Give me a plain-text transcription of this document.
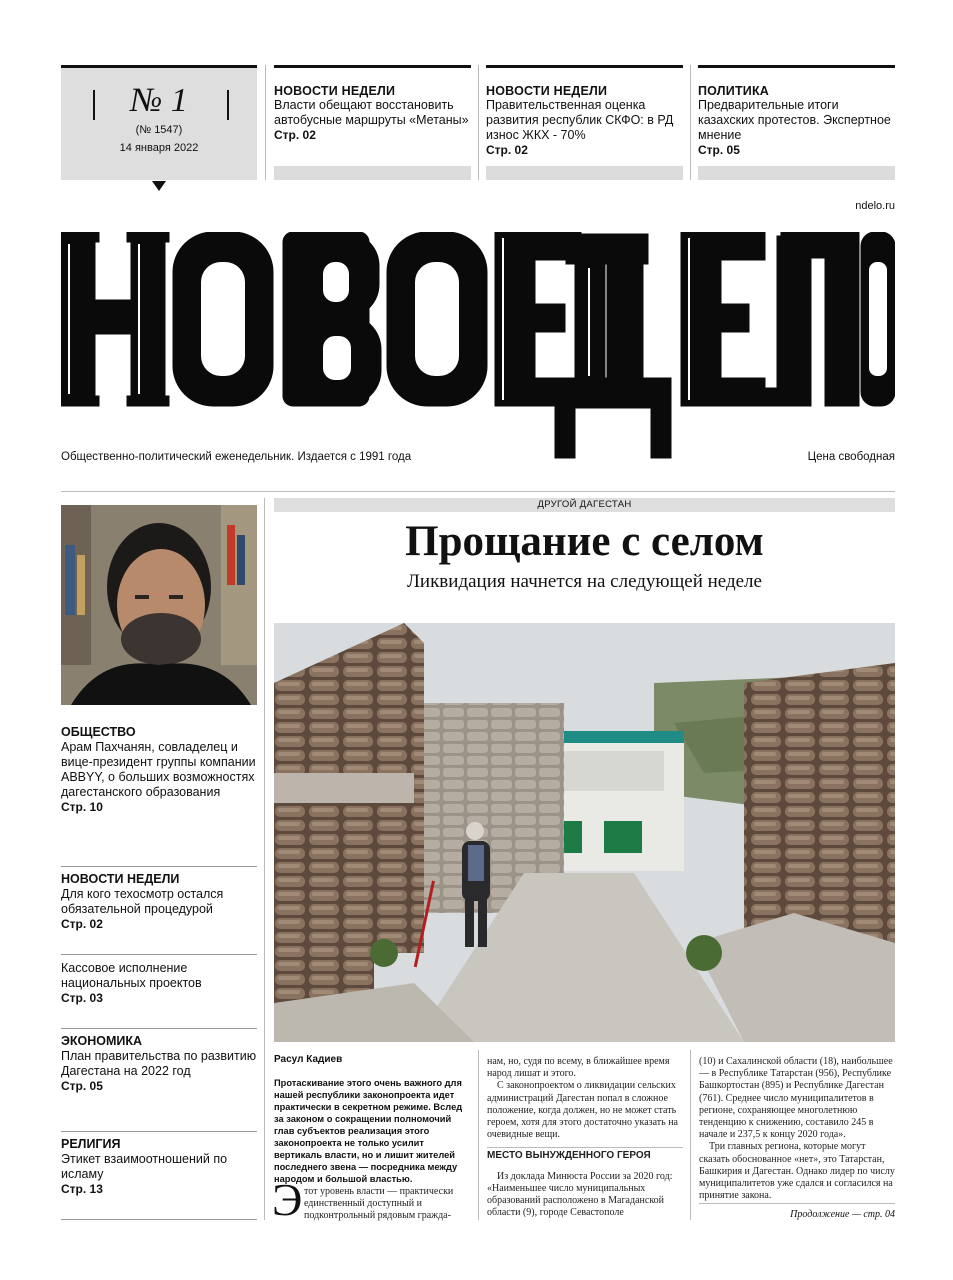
№ 1
(№ 1547)
14 января 2022
НОВОСТИ НЕДЕЛИ
Власти обещают восстановить автобусные маршруты «Метаны»
Стр. 02
НОВОСТИ НЕДЕЛИ
Правительственная оценка развития республик СКФО: в РД износ ЖКХ - 70%
Стр. 02
ПОЛИТИКА
Предварительные итоги казахских протестов. Экспертное мнение
Стр. 05
ndelo.ru
Общественно-политический еженедельник. Издается с 1991 года	Цена свободная
ОБЩЕСТВО
Арам Пахчанян, совладелец и вице-президент группы компании ABBYY, о больших возможностях дагестанского образования
Стр. 10
НОВОСТИ НЕДЕЛИ
Для кого техосмотр остался обязательной процедурой
Стр. 02
Кассовое исполнение национальных проектов
Стр. 03
ЭКОНОМИКА
План правительства по развитию Дагестана на 2022 год
Стр. 05
РЕЛИГИЯ
Этикет взаимоотношений по исламу
Стр. 13
ДРУГОЙ ДАГЕСТАН
Прощание с селом
Ликвидация начнется на следующей неделе
Расул Кадиев
Протаскивание этого очень важного для нашей республики законопроекта идет практически в секретном режиме. Вслед за законом о сокращении полномочий глав субъектов реализация этого законопроекта не только усилит вертикаль власти, но и лишит жителей последнего звена — посредника между народом и большой властью.
Э тот уровень власти — практически единственный доступный и подконтрольный рядовым гражда-

нам, но, судя по всему, в ближайшее время народ лишат и этого.

С законопроектом о ликвидации сельских администраций Дагестан попал в сложное положение, когда должен, но не может стать героем, хотя для этого достаточно указать на очевидные вещи.

МЕСТО ВЫНУЖДЕННОГО ГЕРОЯ

Из доклада Минюста России за 2020 год: «Наименьшее число муниципальных образований расположено в Магаданской области (9), городе Севастополе

(10) и Сахалинской области (18), наибольшее — в Республике Татарстан (956), Республике Башкортостан (895) и Республике Дагестан (761). Среднее число муниципалитетов в регионе, сохраняющее многолетнюю тенденцию к снижению, составило 245 в начале и 237,5 к концу 2020 года».

Три главных региона, которые могут сказать обоснованное «нет», это Татарстан, Башкирия и Дагестан. Однако лидер по числу муниципалитетов уже сдался и согласился на принятие закона.

Продолжение — стр. 04
